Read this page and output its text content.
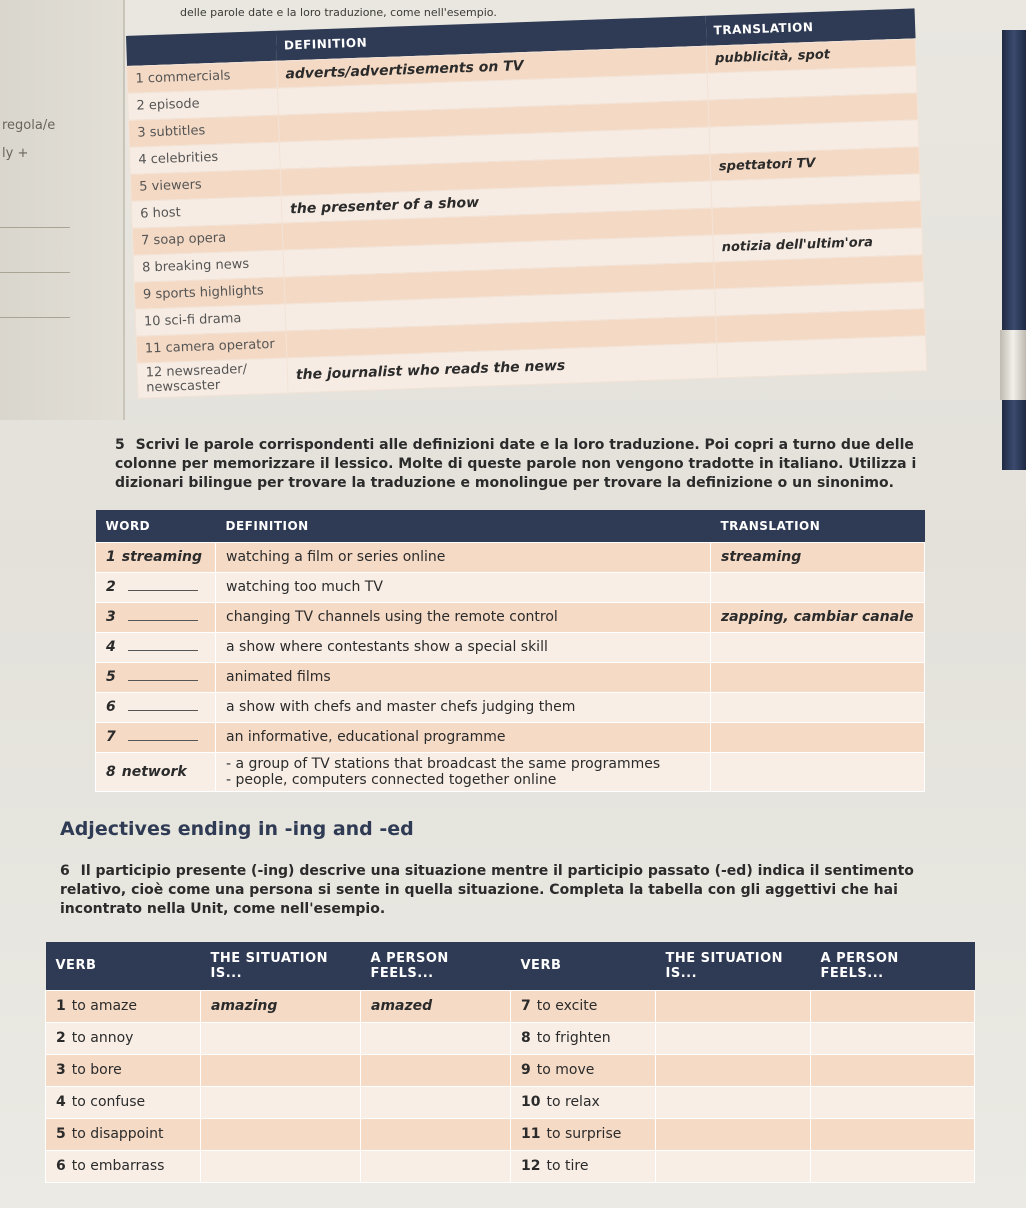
regola/e
ly +
delle parole date e la loro traduzione, come nell'esempio.
	DEFINITION	TRANSLATION
1 commercials	adverts/advertisements on TV	pubblicità, spot
2 episode		
3 subtitles		
4 celebrities		
5 viewers		spettatori TV
6 host	the presenter of a show	
7 soap opera		
8 breaking news		notizia dell'ultim'ora
9 sports highlights		
10 sci-fi drama		
11 camera operator		
12 newsreader/ newscaster	the journalist who reads the news	
5 Scrivi le parole corrispondenti alle definizioni date e la loro traduzione. Poi copri a turno due delle colonne per memorizzare il lessico. Molte di queste parole non vengono tradotte in italiano. Utilizza i dizionari bilingue per trovare la traduzione e monolingue per trovare la definizione o un sinonimo.
WORD	DEFINITION	TRANSLATION
1 streaming	watching a film or series online	streaming
2	watching too much TV	

3	changing TV channels using the remote control	zapping, cambiar canale
4	a show where contestants show a special skill	

5	animated films	

6	a show with chefs and master chefs judging them	

7	an informative, educational programme	

8 network	- a group of TV stations that broadcast the same programmes
- people, computers connected together online	

Adjectives ending in -ing and -ed
6 Il participio presente (-ing) descrive una situazione mentre il participio passato (-ed) indica il sentimento relativo, cioè come una persona si sente in quella situazione. Completa la tabella con gli aggettivi che hai incontrato nella Unit, come nell'esempio.
VERB	THE SITUATION IS...	A PERSON FEELS...	VERB	THE SITUATION IS...	A PERSON FEELS...
1 to amaze	amazing	amazed	7 to excite		
2 to annoy			8 to frighten		
3 to bore			9 to move		
4 to confuse			10 to relax		
5 to disappoint			11 to surprise		
6 to embarrass			12 to tire		
